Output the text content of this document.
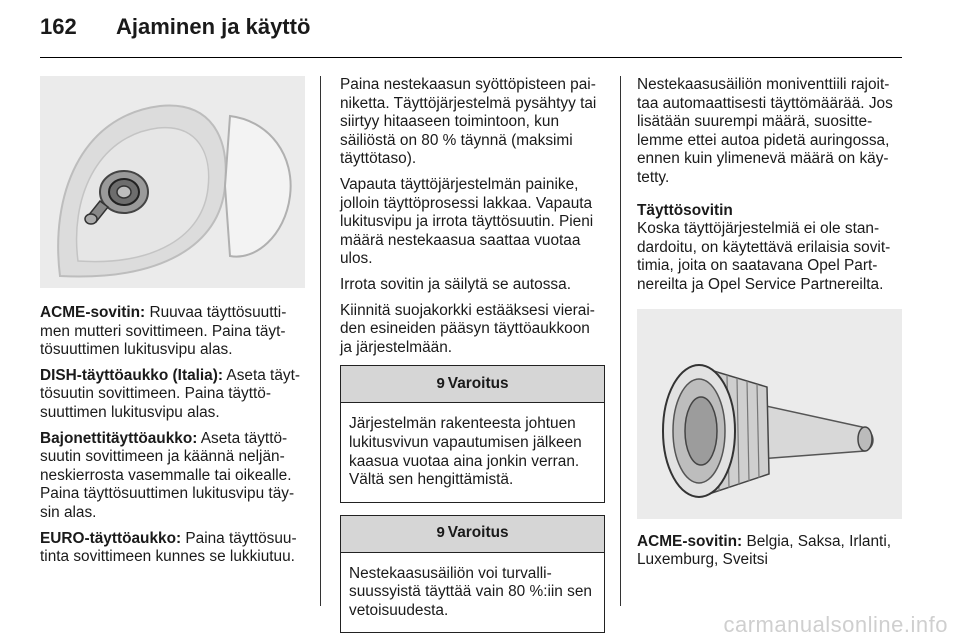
162	Ajaminen ja käyttö

ACME-sovitin: Ruuvaa täyttösuuttimen mutteri sovittimeen. Paina täyttösuuttimen lukitusvipu alas.

DISH-täyttöaukko (Italia): Aseta täyttösuutin sovittimeen. Paina täyttösuuttimen lukitusvipu alas.

Bajonettitäyttöaukko: Aseta täyttösuutin sovittimeen ja käännä neljänneskierrosta vasemmalle tai oikealle. Paina täyttösuuttimen lukitusvipu täysin alas.

EURO-täyttöaukko: Paina täyttösuutinta sovittimeen kunnes se lukkiutuu.

Paina nestekaasun syöttöpisteen painiketta. Täyttöjärjestelmä pysähtyy tai siirtyy hitaaseen toimintoon, kun säiliöstä on 80 % täynnä (maksimi täyttötaso).

Vapauta täyttöjärjestelmän painike, jolloin täyttöprosessi lakkaa. Vapauta lukitusvipu ja irrota täyttösuutin. Pieni määrä nestekaasua saattaa vuotaa ulos.

Irrota sovitin ja säilytä se autossa.

Kiinnitä suojakorkki estääksesi vieraiden esineiden pääsyn täyttöaukkoon ja järjestelmään.

9 Varoitus
Järjestelmän rakenteesta johtuen lukitusvivun vapautumisen jälkeen kaasua vuotaa aina jonkin verran. Vältä sen hengittämistä.
9 Varoitus
Nestekaasusäiliön voi turvallisuussyistä täyttää vain 80 %:iin sen vetoisuudesta.

Nestekaasusäiliön moniventtiili rajoittaa automaattisesti täyttömäärää. Jos lisätään suurempi määrä, suosittelemme ettei autoa pidetä auringossa, ennen kuin ylimenevä määrä on käytetty.

Täyttösovitin

Koska täyttöjärjestelmiä ei ole standardoitu, on käytettävä erilaisia sovittimia, joita on saatavana Opel Partnereilta ja Opel Service Partnereilta.

ACME-sovitin: Belgia, Saksa, Irlanti, Luxemburg, Sveitsi

carmanualsonline.info
